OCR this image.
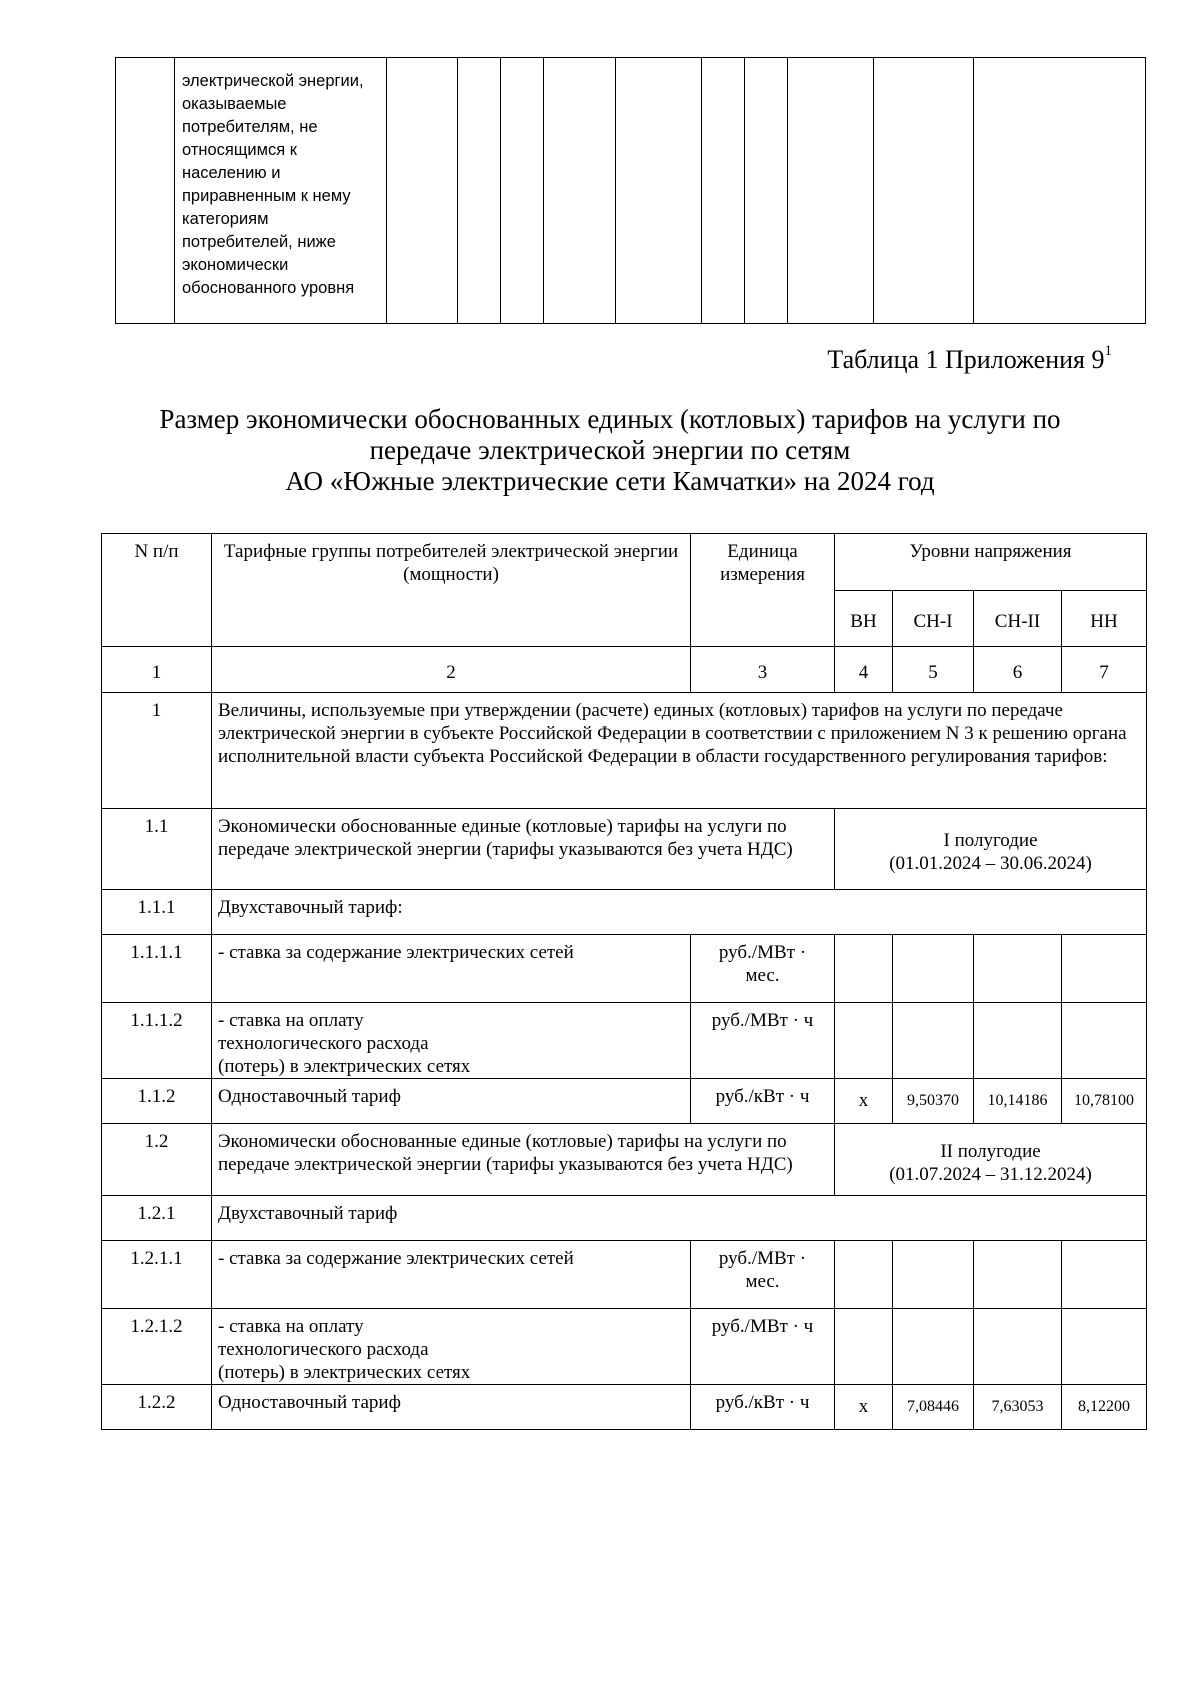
	электрической энергии, оказываемые потребителям, не относящимся к населению и приравненным к нему категориям потребителей, ниже экономически обоснованного уровня										
Таблица 1 Приложения $9^1$
Размер экономически обоснованных единых (котловых) тарифов на услуги по
передаче электрической энергии по сетям
АО «Южные электрические сети Камчатки» на 2024 год
N п/п	Тарифные группы потребителей электрической энергии (мощности)	Единица измерения	Уровни напряжения			
			ВН	СН-I	СН-II	НН
1	2	3	4	5	6	7
1	Величины, используемые при утверждении (расчете) единых (котловых) тарифов на услуги по передаче электрической энергии в субъекте Российской Федерации в соответствии с приложением N 3 к решению органа исполнительной власти субъекта Российской Федерации в области государственного регулирования тарифов:					
1.1	Экономически обоснованные единые (котловые) тарифы на услуги по передаче электрической энергии (тарифы указываются без учета НДС)		I полугодие
(01.01.2024 – 30.06.2024)			

1.1.1	Двухставочный тариф:					
1.1.1.1	- ставка за содержание электрических сетей	руб./МВт · мес.				
1.1.1.2	- ставка на оплату технологического расхода (потерь) в электрических сетях	руб./МВт · ч				
1.1.2	Одноставочный тариф	руб./кВт · ч	х	9,50370	10,14186	10,78100
1.2	Экономически обоснованные единые (котловые) тарифы на услуги по передаче электрической энергии (тарифы указываются без учета НДС)		II полугодие
(01.07.2024 – 31.12.2024)			

1.2.1	Двухставочный тариф					
1.2.1.1	- ставка за содержание электрических сетей	руб./МВт · мес.				
1.2.1.2	- ставка на оплату технологического расхода (потерь) в электрических сетях	руб./МВт · ч				
1.2.2	Одноставочный тариф	руб./кВт · ч	х	7,08446	7,63053	8,12200
